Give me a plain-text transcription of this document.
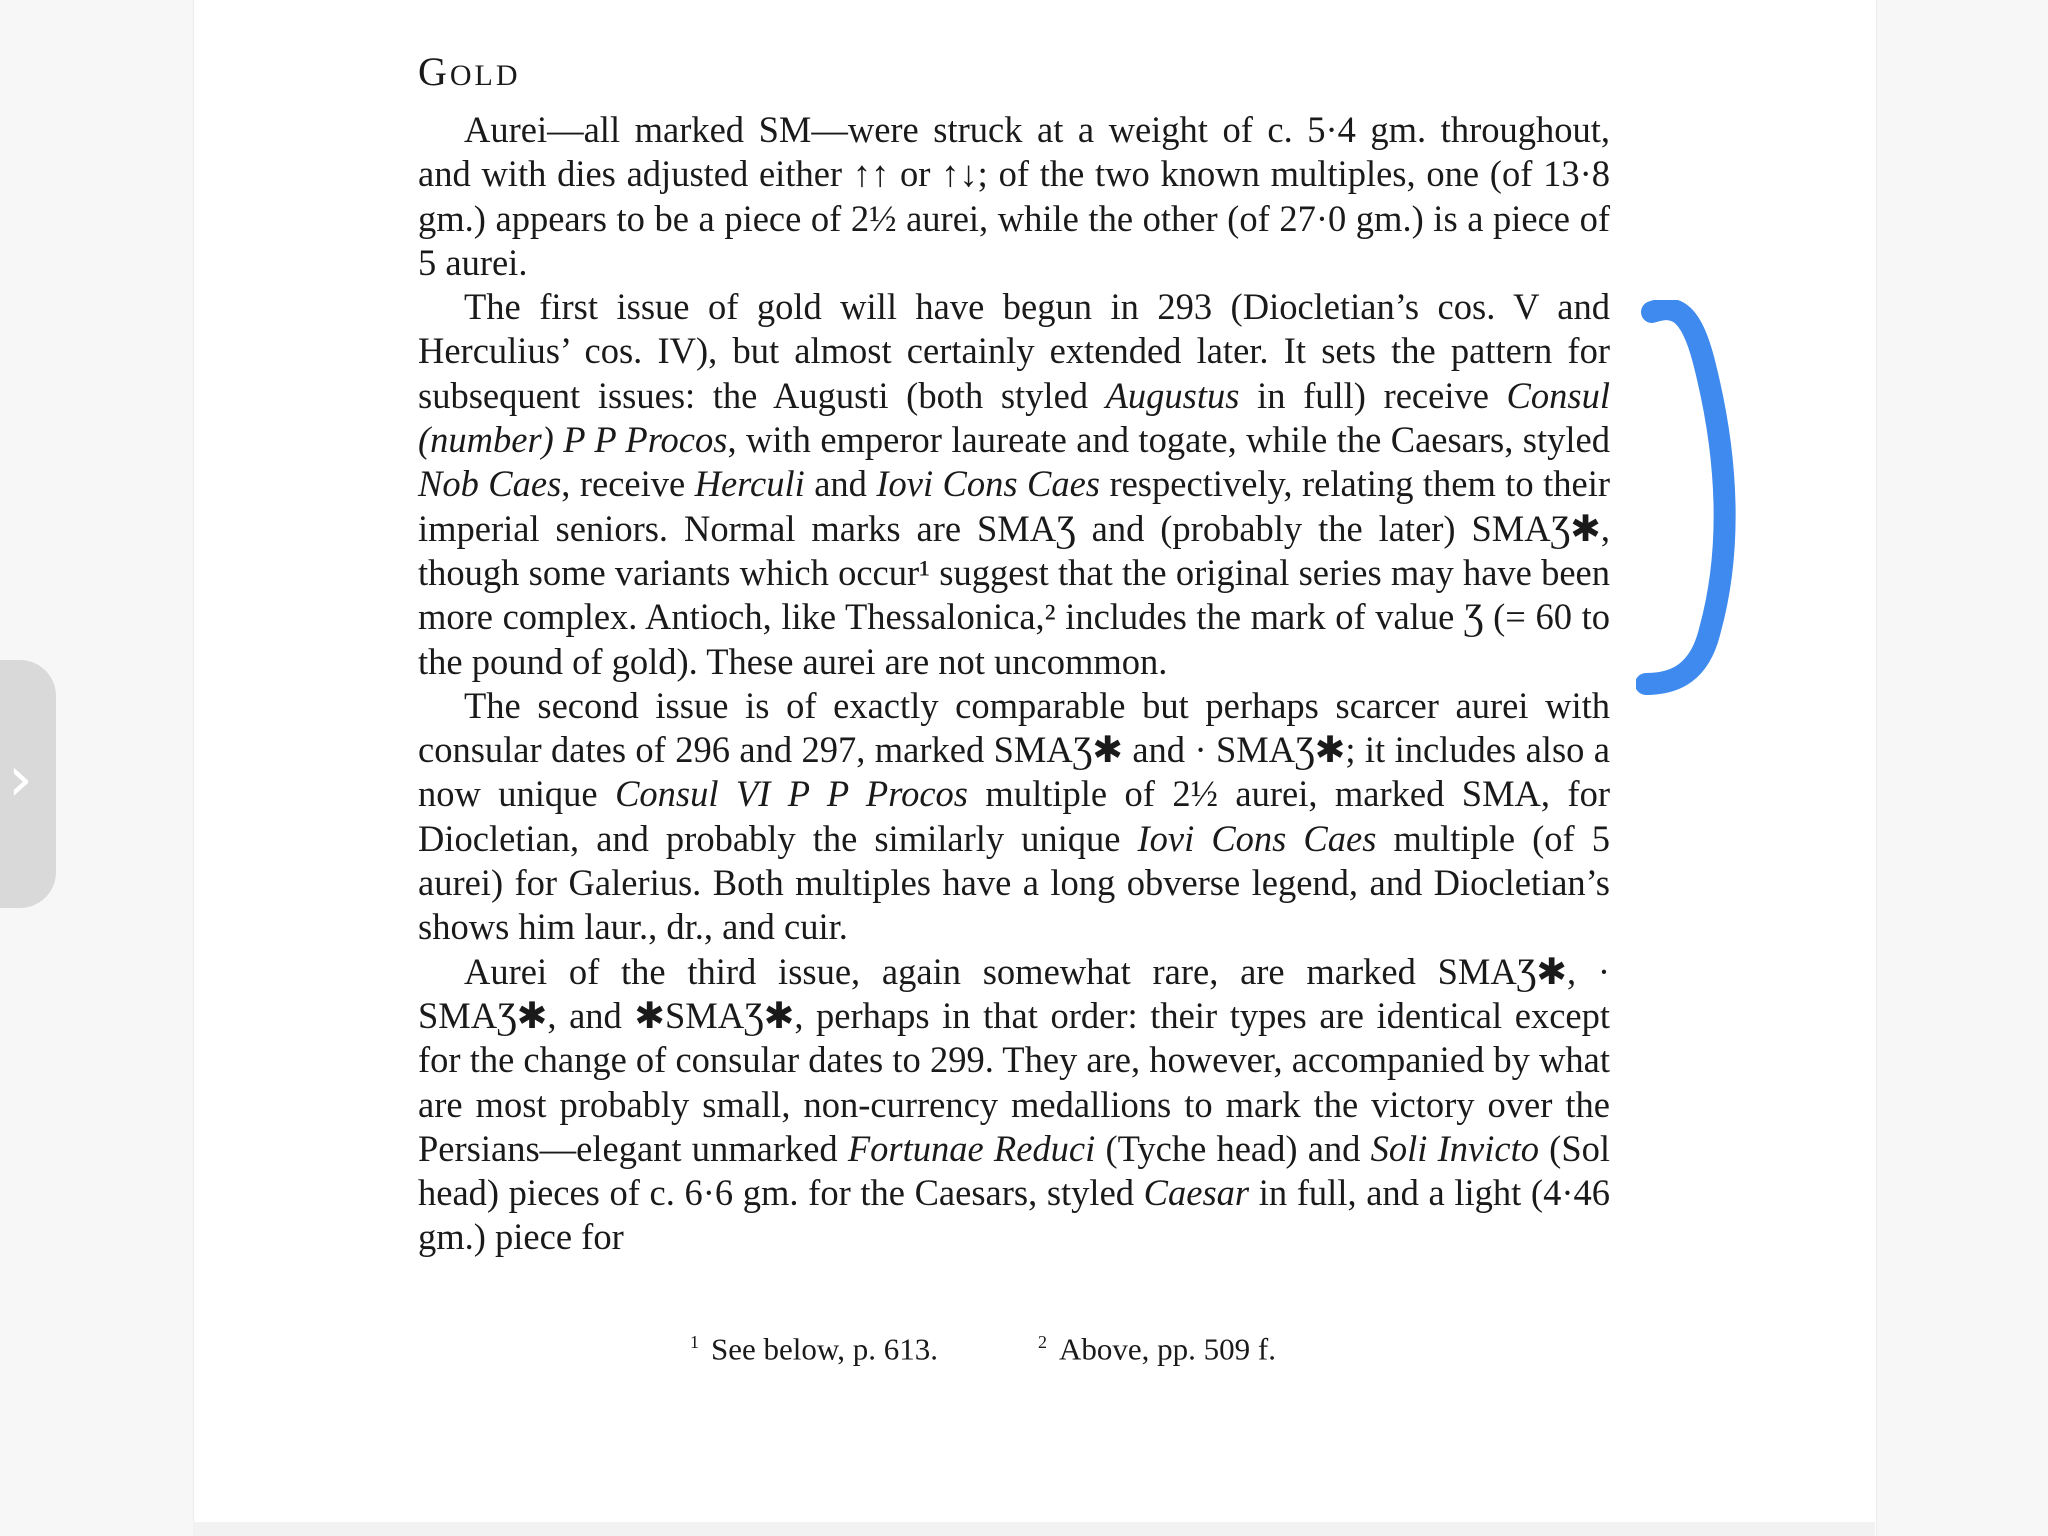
›
GOLD

Aurei—all marked SM—were struck at a weight of c. 5·4 gm. throughout, and with dies adjusted either ↑↑ or ↑↓; of the two known multiples, one (of 13·8 gm.) appears to be a piece of 2½ aurei, while the other (of 27·0 gm.) is a piece of 5 aurei.

The first issue of gold will have begun in 293 (Diocletian’s cos. V and Herculius’ cos. IV), but almost certainly extended later. It sets the pattern for subsequent issues: the Augusti (both styled Augustus in full) receive Consul (number) P P Procos, with emperor laureate and togate, while the Caesars, styled Nob Caes, receive Herculi and Iovi Cons Caes respectively, relating them to their imperial seniors. Normal marks are SMAƷ and (probably the later) SMAƷ✱, though some variants which occur¹ suggest that the original series may have been more complex. Antioch, like Thessalonica,² includes the mark of value Ʒ (= 60 to the pound of gold). These aurei are not uncommon.

The second issue is of exactly comparable but perhaps scarcer aurei with consular dates of 296 and 297, marked SMAƷ✱ and · SMAƷ✱; it includes also a now unique Consul VI P P Procos multiple of 2½ aurei, marked SMA, for Diocletian, and probably the similarly unique Iovi Cons Caes multiple (of 5 aurei) for Galerius. Both multiples have a long obverse legend, and Diocletian’s shows him laur., dr., and cuir.

Aurei of the third issue, again somewhat rare, are marked SMAƷ✱, · SMAƷ✱, and ✱SMAƷ✱, perhaps in that order: their types are identical except for the change of consular dates to 299. They are, however, accompanied by what are most probably small, non-currency medallions to mark the victory over the Persians—elegant unmarked Fortunae Reduci (Tyche head) and Soli Invicto (Sol head) pieces of c. 6·6 gm. for the Caesars, styled Caesar in full, and a light (4·46 gm.) piece for

$^1$ See below, p. 613.	$^2$ Above, pp. 509 f.
